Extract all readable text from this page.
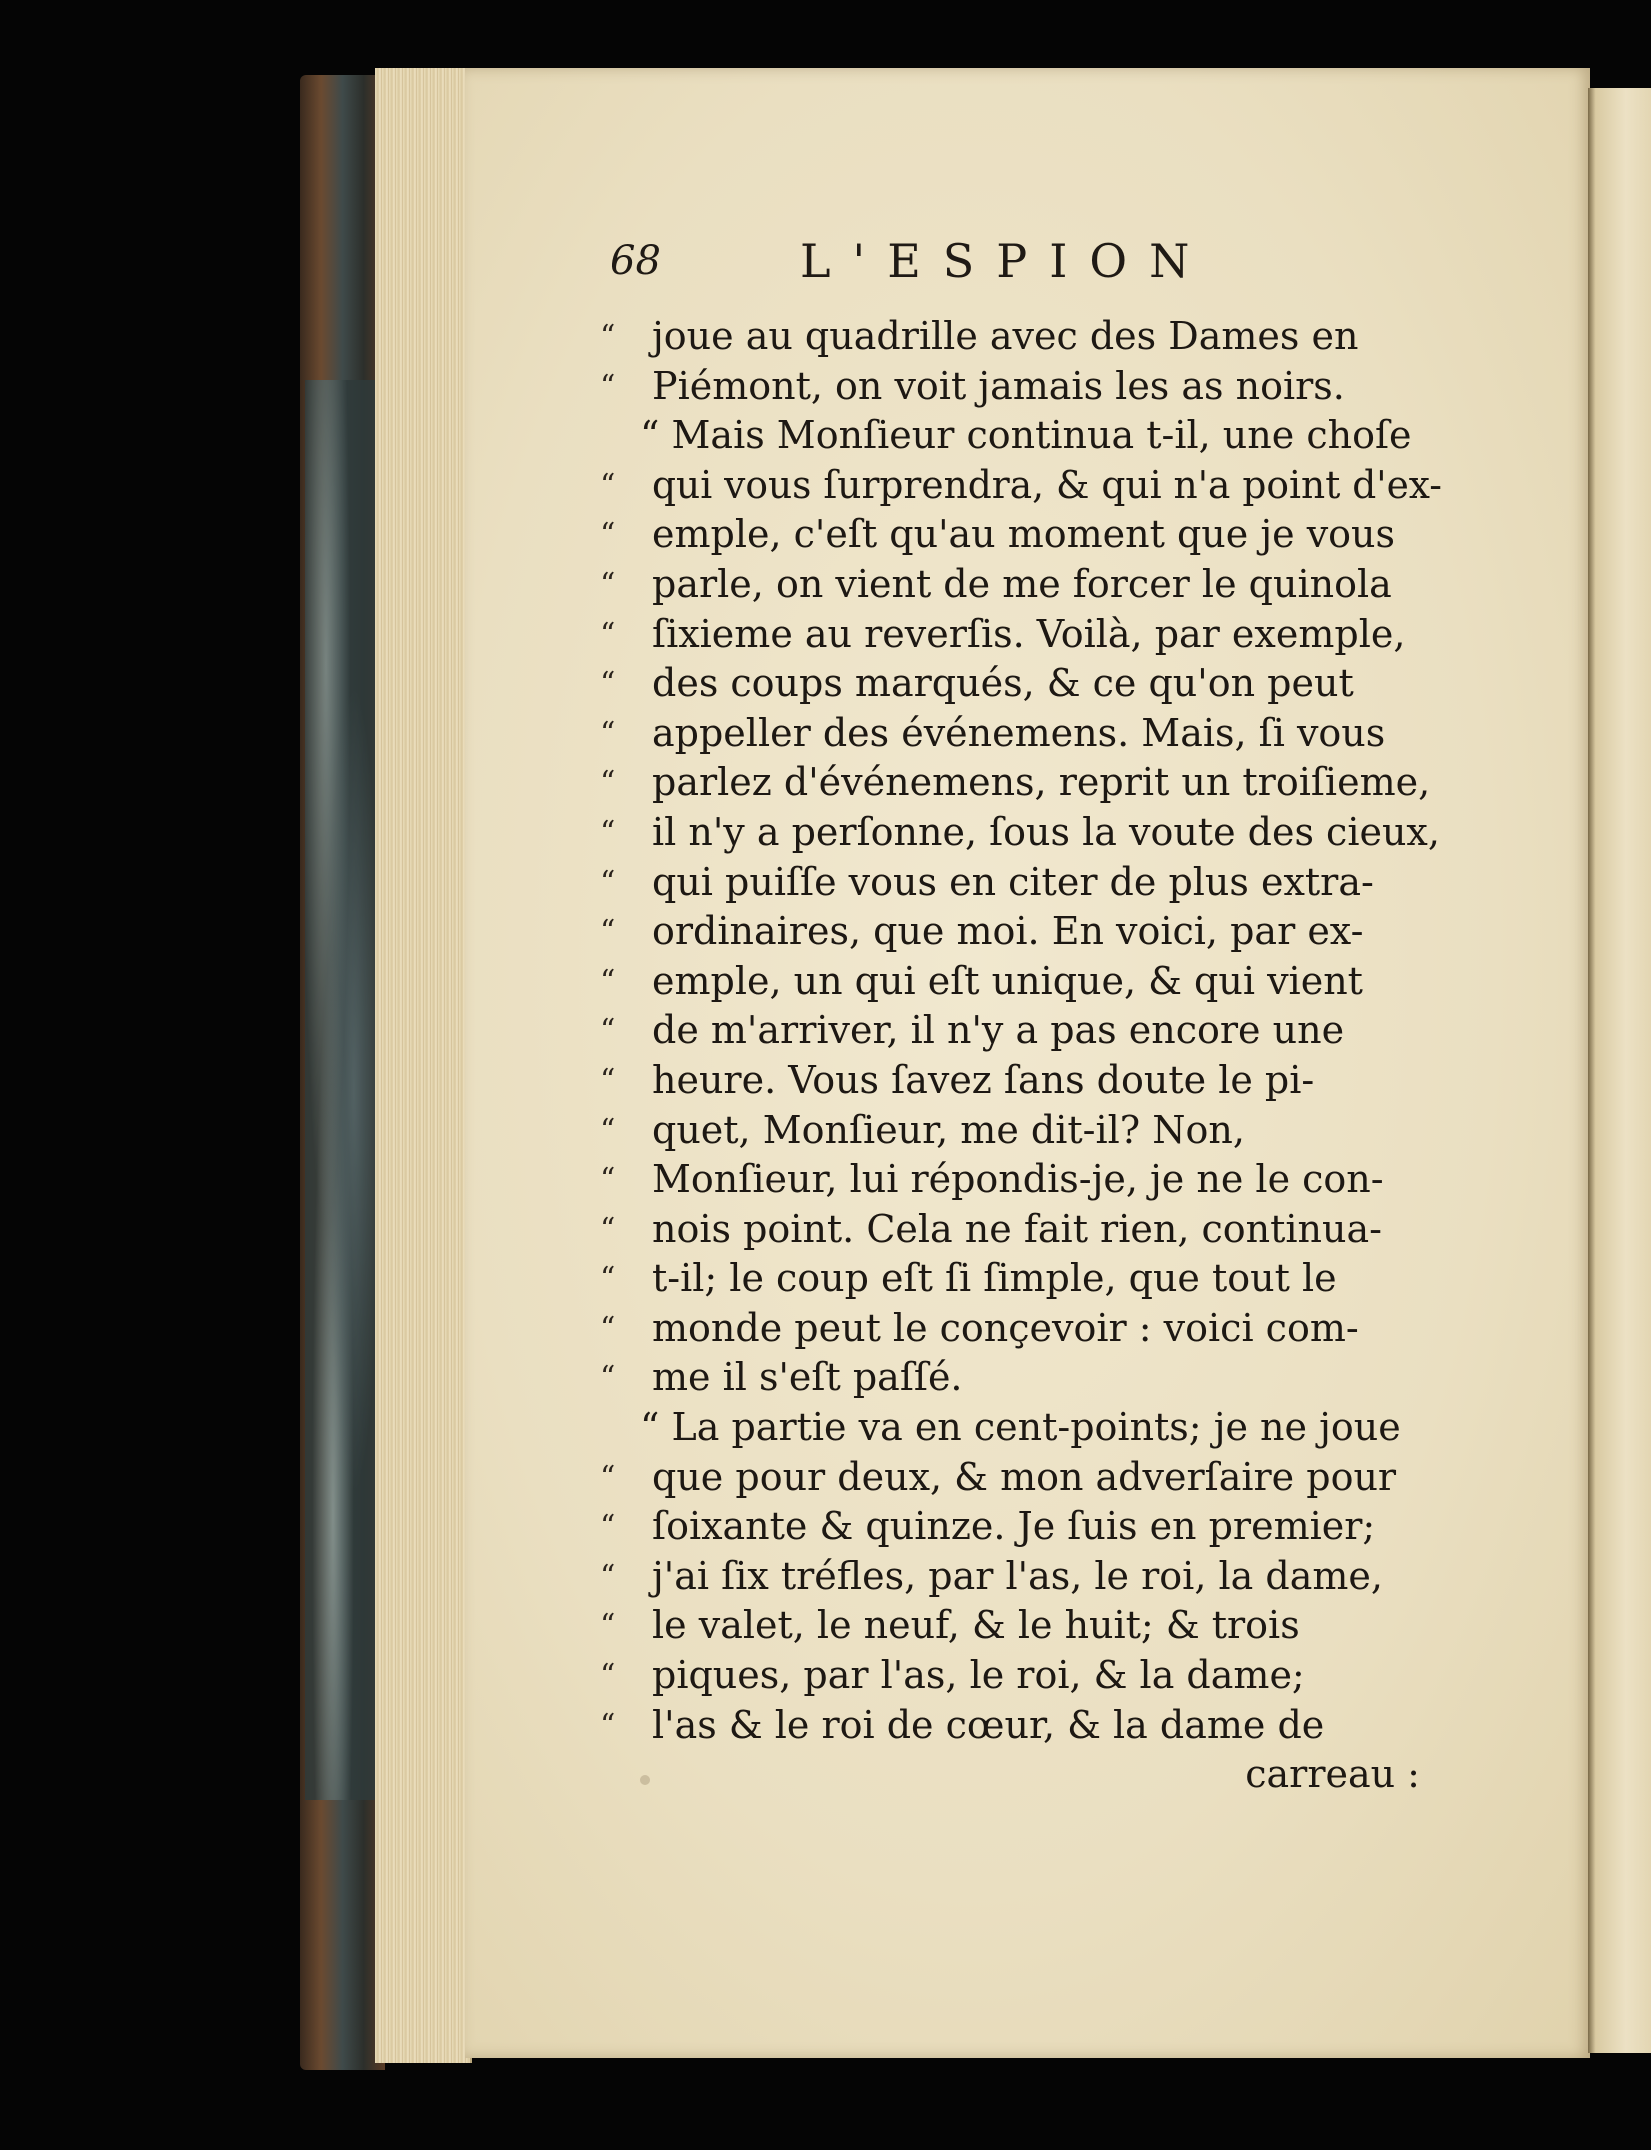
68	L'ESPION
“ joue au quadrille avec des Dames en
“ Piémont, on voit jamais les as noirs.
“ Mais Monſieur continua t-il, une choſe
“ qui vous ſurprendra, & qui n'a point d'ex-
“ emple, c'eſt qu'au moment que je vous
“ parle, on vient de me forcer le quinola
“ ſixieme au reverſis. Voilà, par exemple,
“ des coups marqués, & ce qu'on peut
“ appeller des événemens. Mais, ſi vous
“ parlez d'événemens, reprit un troiſieme,
“ il n'y a perſonne, ſous la voute des cieux,
“ qui puiſſe vous en citer de plus extra-
“ ordinaires, que moi. En voici, par ex-
“ emple, un qui eſt unique, & qui vient
“ de m'arriver, il n'y a pas encore une
“ heure. Vous ſavez ſans doute le pi-
“ quet, Monſieur, me dit-il? Non,
“ Monſieur, lui répondis-je, je ne le con-
“ nois point. Cela ne fait rien, continua-
“ t-il; le coup eſt ſi ſimple, que tout le
“ monde peut le conçevoir : voici com-
“ me il s'eſt paſſé.
“ La partie va en cent-points; je ne joue
“ que pour deux, & mon adverſaire pour
“ ſoixante & quinze. Je ſuis en premier;
“ j'ai ſix tréfles, par l'as, le roi, la dame,
“ le valet, le neuf, & le huit; & trois
“ piques, par l'as, le roi, & la dame;
“ l'as & le roi de cœur, & la dame de
carreau :
